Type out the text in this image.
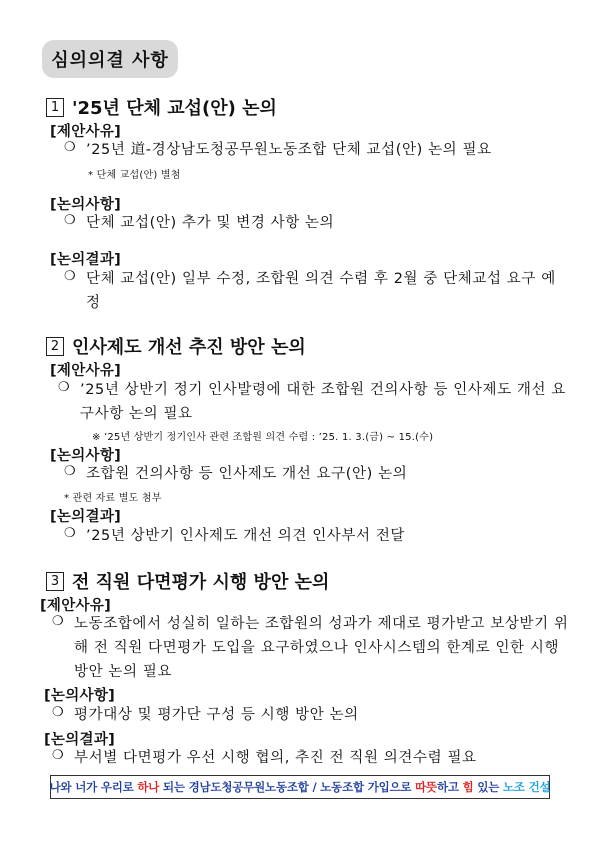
심의의결 사항
1 '25년 단체 교섭(안) 논의
[제안사유]
❍ ’25년 道-경상남도청공무원노동조합 단체 교섭(안) 논의 필요
* 단체 교섭(안) 별첨
[논의사항]
❍ 단체 교섭(안) 추가 및 변경 사항 논의
[논의결과]
❍ 단체 교섭(안) 일부 수정, 조합원 의견 수렴 후 2월 중 단체교섭 요구 예정
2 인사제도 개선 추진 방안 논의
[제안사유]
❍ ’25년 상반기 정기 인사발령에 대한 조합원 건의사항 등 인사제도 개선 요구사항 논의 필요
※ ’25년 상반기 정기인사 관련 조합원 의견 수렴 : ’25. 1. 3.(금) ~ 15.(수)
[논의사항]
❍ 조합원 건의사항 등 인사제도 개선 요구(안) 논의
* 관련 자료 별도 첨부
[논의결과]
❍ ’25년 상반기 인사제도 개선 의견 인사부서 전달
3 전 직원 다면평가 시행 방안 논의
[제안사유]
❍ 노동조합에서 성실히 일하는 조합원의 성과가 제대로 평가받고 보상받기 위해 전 직원 다면평가 도입을 요구하였으나 인사시스템의 한계로 인한 시행 방안 논의 필요
[논의사항]
❍ 평가대상 및 평가단 구성 등 시행 방안 논의
[논의결과]
❍ 부서별 다면평가 우선 시행 협의, 추진 전 직원 의견수렴 필요
나와 너가 우리로 하나 되는 경남도청공무원노동조합 / 노동조합 가입으로 따뜻 하고 힘 있는 노조 건설
